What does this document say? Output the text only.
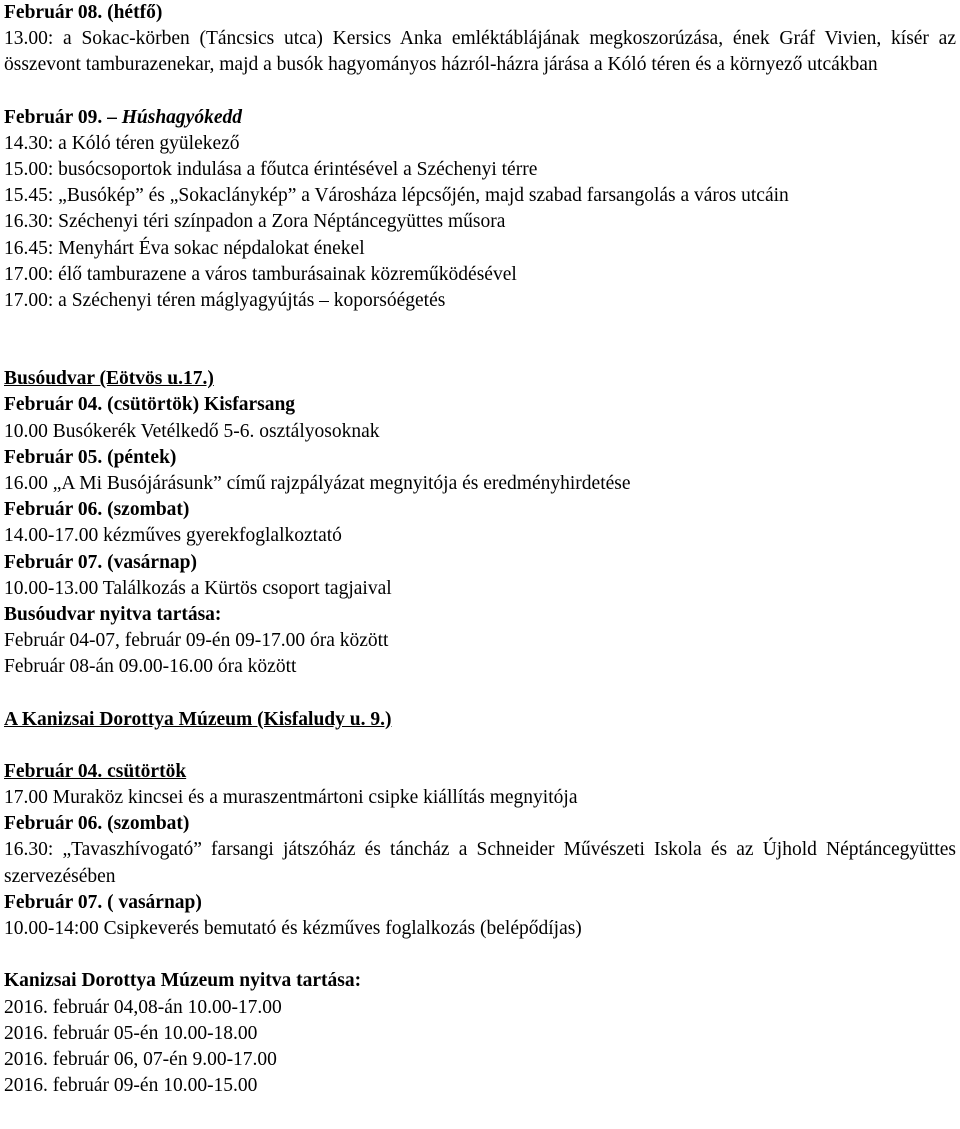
Február 08. (hétfő)
13.00: a Sokac-körben (Táncsics utca) Kersics Anka emléktáblájának megkoszorúzása, ének Gráf Vivien, kísér az összevont tamburazenekar, majd a busók hagyományos házról-házra járása a Kóló téren és a környező utcákban
Február 09. – Húshagyókedd
14.30: a Kóló téren gyülekező
15.00: busócsoportok indulása a főutca érintésével a Széchenyi térre
15.45: „Busókép” és „Sokaclánykép” a Városháza lépcsőjén, majd szabad farsangolás a város utcáin
16.30: Széchenyi téri színpadon a Zora Néptáncegyüttes műsora
16.45: Menyhárt Éva sokac népdalokat énekel
17.00: élő tamburazene a város tamburásainak közreműködésével
17.00: a Széchenyi téren máglyagyújtás – koporsóégetés
Busóudvar (Eötvös u.17.)
Február 04. (csütörtök) Kisfarsang
10.00 Busókerék Vetélkedő 5-6. osztályosoknak
Február 05. (péntek)
16.00 „A Mi Busójárásunk” című rajzpályázat megnyitója és eredményhirdetése
Február 06. (szombat)
14.00-17.00 kézműves gyerekfoglalkoztató
Február 07. (vasárnap)
10.00-13.00 Találkozás a Kürtös csoport tagjaival
Busóudvar nyitva tartása:
Február 04-07, február 09-én 09-17.00 óra között
Február 08-án 09.00-16.00 óra között
A Kanizsai Dorottya Múzeum (Kisfaludy u. 9.)
Február 04. csütörtök
17.00 Muraköz kincsei és a muraszentmártoni csipke kiállítás megnyitója
Február 06. (szombat)
16.30: „Tavaszhívogató” farsangi játszóház és táncház a Schneider Művészeti Iskola és az Újhold Néptáncegyüttes szervezésében
Február 07. ( vasárnap)
10.00-14:00 Csipkeverés bemutató és kézműves foglalkozás (belépődíjas)
Kanizsai Dorottya Múzeum nyitva tartása:
2016. február 04,08-án 10.00-17.00
2016. február 05-én 10.00-18.00
2016. február 06, 07-én 9.00-17.00
2016. február 09-én 10.00-15.00
